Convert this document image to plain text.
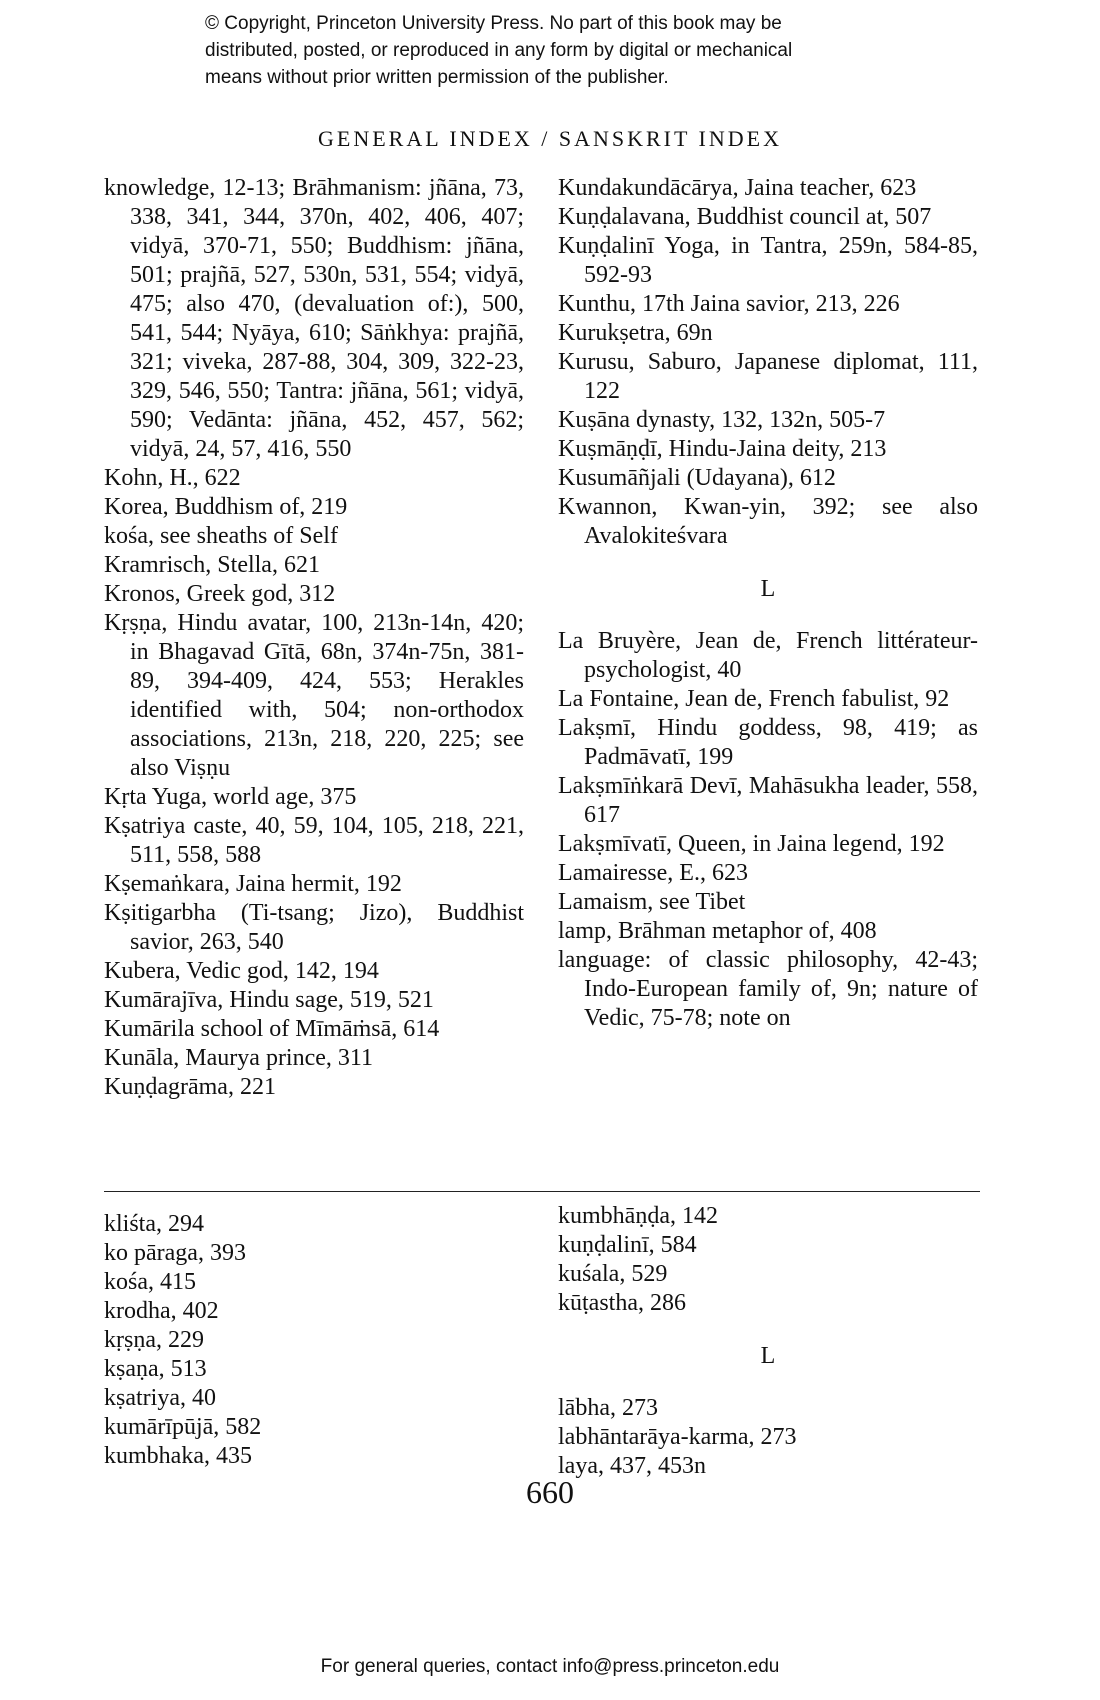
© Copyright, Princeton University Press. No part of this book may be
distributed, posted, or reproduced in any form by digital or mechanical
means without prior written permission of the publisher.
GENERAL INDEX / SANSKRIT INDEX
knowledge, 12-13; Brāhmanism: jñāna, 73, 338, 341, 344, 370n, 402, 406, 407; vidyā, 370-71, 550; Buddhism: jñāna, 501; prajñā, 527, 530n, 531, 554; vidyā, 475; also 470, (devaluation of:), 500, 541, 544; Nyāya, 610; Sāṅkhya: prajñā, 321; viveka, 287-88, 304, 309, 322-23, 329, 546, 550; Tantra: jñāna, 561; vidyā, 590; Vedānta: jñāna, 452, 457, 562; vidyā, 24, 57, 416, 550
Kohn, H., 622
Korea, Buddhism of, 219
kośa, see sheaths of Self
Kramrisch, Stella, 621
Kronos, Greek god, 312
Kṛṣṇa, Hindu avatar, 100, 213n-14n, 420; in Bhagavad Gītā, 68n, 374n-75n, 381-89, 394-409, 424, 553; Herakles identified with, 504; non-orthodox associations, 213n, 218, 220, 225; see also Viṣṇu
Kṛta Yuga, world age, 375
Kṣatriya caste, 40, 59, 104, 105, 218, 221, 511, 558, 588
Kṣemaṅkara, Jaina hermit, 192
Kṣitigarbha (Ti-tsang; Jizo), Buddhist savior, 263, 540
Kubera, Vedic god, 142, 194
Kumārajīva, Hindu sage, 519, 521
Kumārila school of Mīmāṁsā, 614
Kunāla, Maurya prince, 311
Kuṇḍagrāma, 221
Kundakundācārya, Jaina teacher, 623
Kuṇḍalavana, Buddhist council at, 507
Kuṇḍalinī Yoga, in Tantra, 259n, 584-85, 592-93
Kunthu, 17th Jaina savior, 213, 226
Kurukṣetra, 69n
Kurusu, Saburo, Japanese diplomat, 111, 122
Kuṣāna dynasty, 132, 132n, 505-7
Kuṣmāṇḍī, Hindu-Jaina deity, 213
Kusumāñjali (Udayana), 612
Kwannon, Kwan-yin, 392; see also Avalokiteśvara
L
La Bruyère, Jean de, French littérateur-psychologist, 40
La Fontaine, Jean de, French fabulist, 92
Lakṣmī, Hindu goddess, 98, 419; as Padmāvatī, 199
Lakṣmīṅkarā Devī, Mahāsukha leader, 558, 617
Lakṣmīvatī, Queen, in Jaina legend, 192
Lamairesse, E., 623
Lamaism, see Tibet
lamp, Brāhman metaphor of, 408
language: of classic philosophy, 42-43; Indo-European family of, 9n; nature of Vedic, 75-78; note on
kliśta, 294
ko pāraga, 393
kośa, 415
krodha, 402
kṛṣṇa, 229
kṣaṇa, 513
kṣatriya, 40
kumārīpūjā, 582
kumbhaka, 435
kumbhāṇḍa, 142
kuṇḍalinī, 584
kuśala, 529
kūṭastha, 286
L
lābha, 273
labhāntarāya-karma, 273
laya, 437, 453n
660
For general queries, contact info@press.princeton.edu
